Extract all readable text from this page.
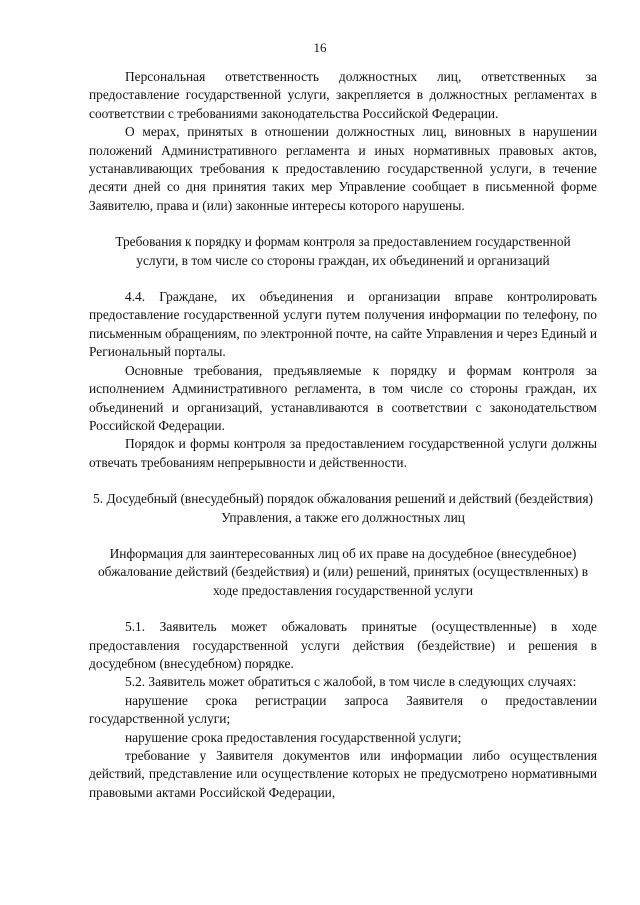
16

Персональная ответственность должностных лиц, ответственных за предоставление государственной услуги, закрепляется в должностных регламентах в соответствии с требованиями законодательства Российской Федерации.

О мерах, принятых в отношении должностных лиц, виновных в нарушении положений Административного регламента и иных нормативных правовых актов, устанавливающих требования к предоставлению государственной услуги, в течение десяти дней со дня принятия таких мер Управление сообщает в письменной форме Заявителю, права и (или) законные интересы которого нарушены.

Требования к порядку и формам контроля за предоставлением государственной услуги, в том числе со стороны граждан, их объединений и организаций

4.4. Граждане, их объединения и организации вправе контролировать предоставление государственной услуги путем получения информации по телефону, по письменным обращениям, по электронной почте, на сайте Управления и через Единый и Региональный порталы.

Основные требования, предъявляемые к порядку и формам контроля за исполнением Административного регламента, в том числе со стороны граждан, их объединений и организаций, устанавливаются в соответствии с законодательством Российской Федерации.

Порядок и формы контроля за предоставлением государственной услуги должны отвечать требованиям непрерывности и действенности.

5. Досудебный (внесудебный) порядок обжалования решений и действий (бездействия) Управления, а также его должностных лиц

Информация для заинтересованных лиц об их праве на досудебное (внесудебное) обжалование действий (бездействия) и (или) решений, принятых (осуществленных) в ходе предоставления государственной услуги

5.1. Заявитель может обжаловать принятые (осуществленные) в ходе предоставления государственной услуги действия (бездействие) и решения в досудебном (внесудебном) порядке.

5.2. Заявитель может обратиться с жалобой, в том числе в следующих случаях:

нарушение срока регистрации запроса Заявителя о предоставлении государственной услуги;

нарушение срока предоставления государственной услуги;

требование у Заявителя документов или информации либо осуществления действий, представление или осуществление которых не предусмотрено нормативными правовыми актами Российской Федерации,
